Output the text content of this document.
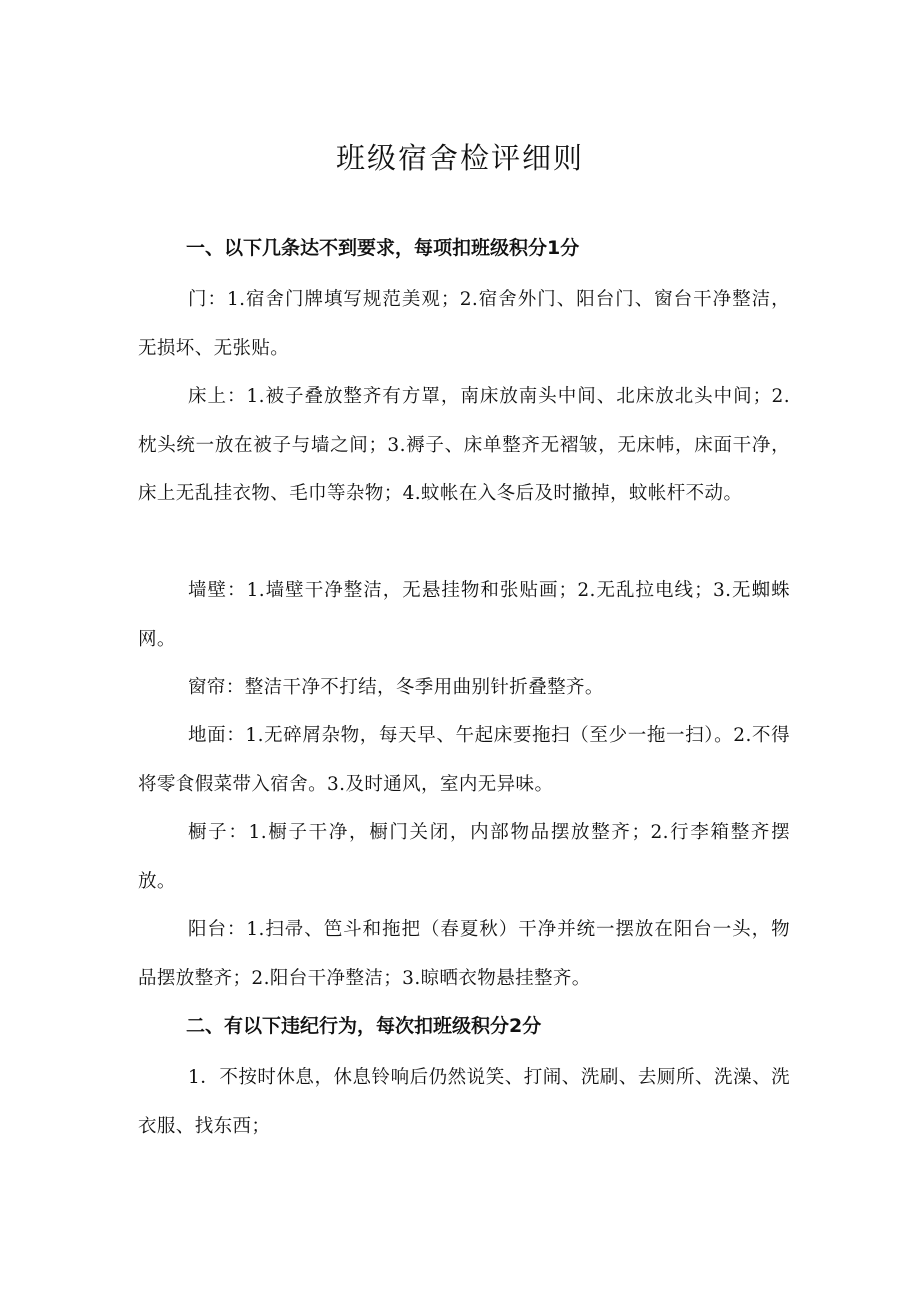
班级宿舍检评细则
一、以下几条达不到要求，每项扣班级积分1分

门：1.宿舍门牌填写规范美观；2.宿舍外门、阳台门、窗台干净整洁，无损坏、无张贴。

床上：1.被子叠放整齐有方罩，南床放南头中间、北床放北头中间；2.枕头统一放在被子与墙之间；3.褥子、床单整齐无褶皱，无床帏，床面干净，床上无乱挂衣物、毛巾等杂物；4.蚊帐在入冬后及时撤掉，蚊帐杆不动。

墙壁：1.墙壁干净整洁，无悬挂物和张贴画；2.无乱拉电线；3.无蜘蛛网。

窗帘：整洁干净不打结，冬季用曲别针折叠整齐。

地面：1.无碎屑杂物，每天早、午起床要拖扫（至少一拖一扫）。2.不得将零食假菜带入宿舍。3.及时通风，室内无异味。

橱子：1.橱子干净，橱门关闭，内部物品摆放整齐；2.行李箱整齐摆放。

阳台：1.扫帚、笆斗和拖把（春夏秋）干净并统一摆放在阳台一头，物品摆放整齐；2.阳台干净整洁；3.晾晒衣物悬挂整齐。

二、有以下违纪行为，每次扣班级积分2分

1．不按时休息，休息铃响后仍然说笑、打闹、洗刷、去厕所、洗澡、洗衣服、找东西；
